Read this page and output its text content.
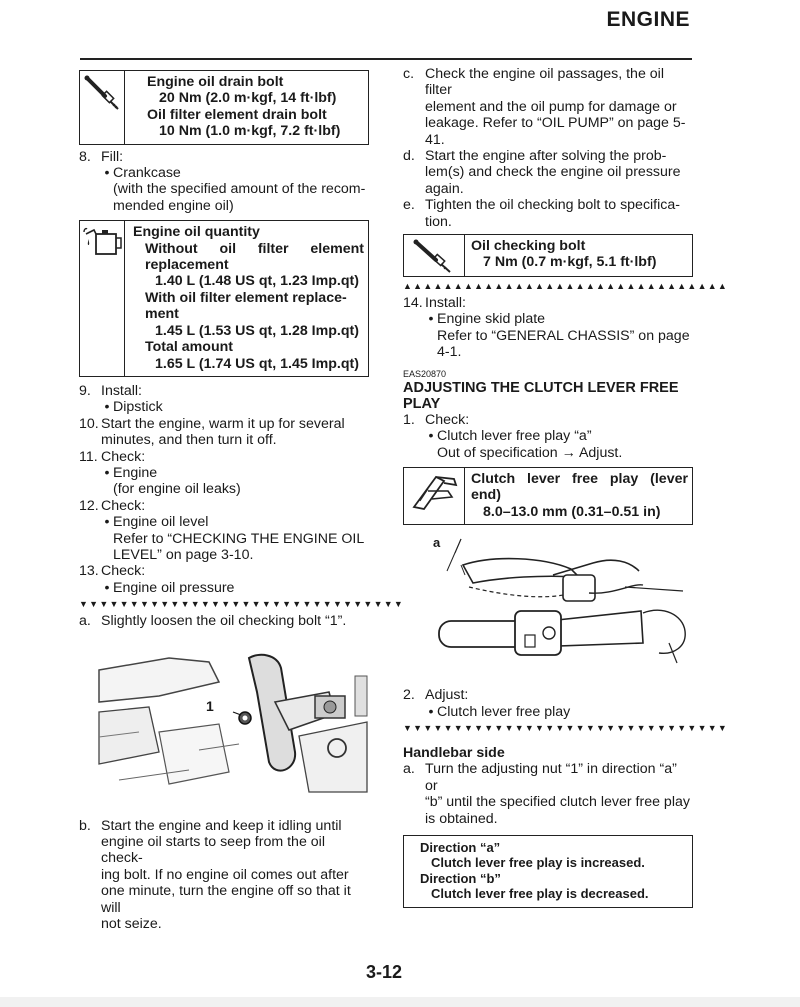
ENGINE
Engine oil drain bolt
20 Nm (2.0 m·kgf, 14 ft·lbf)
Oil filter element drain bolt
10 Nm (1.0 m·kgf, 7.2 ft·lbf)
8. Fill:
• Crankcase
(with the specified amount of the recom-
mended engine oil)
Engine oil quantity
Without oil filter element
replacement
1.40 L (1.48 US qt, 1.23 Imp.qt)
With oil filter element replace-
ment
1.45 L (1.53 US qt, 1.28 Imp.qt)
Total amount
1.65 L (1.74 US qt, 1.45 Imp.qt)
9. Install:
• Dipstick
10. Start the engine, warm it up for several
minutes, and then turn it off.
11. Check:
• Engine
(for engine oil leaks)
12. Check:
• Engine oil level
Refer to “CHECKING THE ENGINE OIL
LEVEL” on page 3-10.
13. Check:
• Engine oil pressure
▼▼▼▼▼▼▼▼▼▼▼▼▼▼▼▼▼▼▼▼▼▼▼▼▼▼▼▼▼▼▼▼
a. Slightly loosen the oil checking bolt “1”.
1
b. Start the engine and keep it idling until
engine oil starts to seep from the oil check-
ing bolt. If no engine oil comes out after
one minute, turn the engine off so that it will
not seize.
c. Check the engine oil passages, the oil filter
element and the oil pump for damage or
leakage. Refer to “OIL PUMP” on page 5-
41.
d. Start the engine after solving the prob-
lem(s) and check the engine oil pressure
again.
e. Tighten the oil checking bolt to specifica-
tion.
Oil checking bolt
7 Nm (0.7 m·kgf, 5.1 ft·lbf)
▲▲▲▲▲▲▲▲▲▲▲▲▲▲▲▲▲▲▲▲▲▲▲▲▲▲▲▲▲▲▲▲
14. Install:
• Engine skid plate
Refer to “GENERAL CHASSIS” on page
4-1.
EAS20870
ADJUSTING THE CLUTCH LEVER FREE
PLAY
1. Check:
• Clutch lever free play “a”
Out of specification → Adjust.
Clutch lever free play (lever
end)
8.0–13.0 mm (0.31–0.51 in)
a
2. Adjust:
• Clutch lever free play
▼▼▼▼▼▼▼▼▼▼▼▼▼▼▼▼▼▼▼▼▼▼▼▼▼▼▼▼▼▼▼▼
Handlebar side
a. Turn the adjusting nut “1” in direction “a” or
“b” until the specified clutch lever free play
is obtained.
Direction “a”
Clutch lever free play is increased.
Direction “b”
Clutch lever free play is decreased.
3-12
